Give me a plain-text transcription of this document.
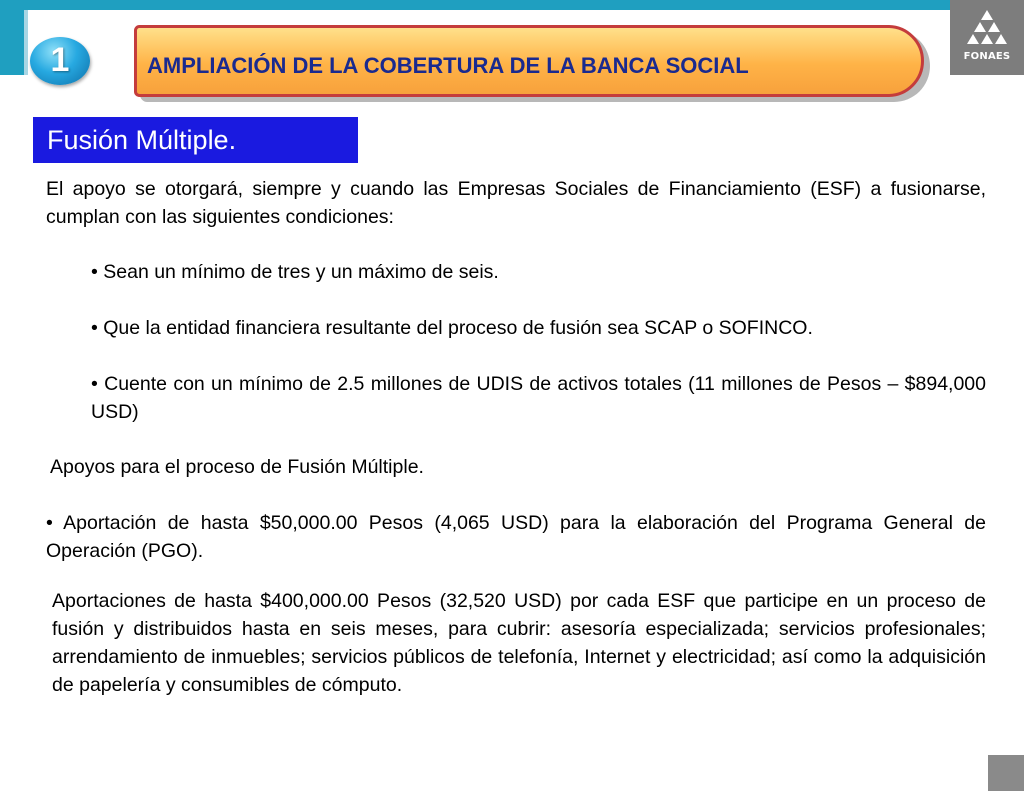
FONAES
1	AMPLIACIÓN DE LA COBERTURA DE LA BANCA SOCIAL
Fusión Múltiple.
El apoyo se otorgará, siempre y cuando las Empresas Sociales de Financiamiento (ESF) a fusionarse, cumplan con las siguientes condiciones:
• Sean un mínimo de tres y un máximo de seis.
• Que la entidad financiera resultante del proceso de fusión sea SCAP o SOFINCO.
• Cuente con un mínimo de 2.5 millones de UDIS de activos totales (11 millones de Pesos – $894,000 USD)
Apoyos para el proceso de Fusión Múltiple.
• Aportación de hasta $50,000.00 Pesos (4,065 USD) para la elaboración del Programa General de Operación (PGO).
Aportaciones de hasta $400,000.00 Pesos (32,520 USD) por cada ESF que participe en un proceso de fusión y distribuidos hasta en seis meses, para cubrir: asesoría especializada; servicios profesionales; arrendamiento de inmuebles; servicios públicos de telefonía, Internet y electricidad; así como la adquisición de papelería y consumibles de cómputo.
